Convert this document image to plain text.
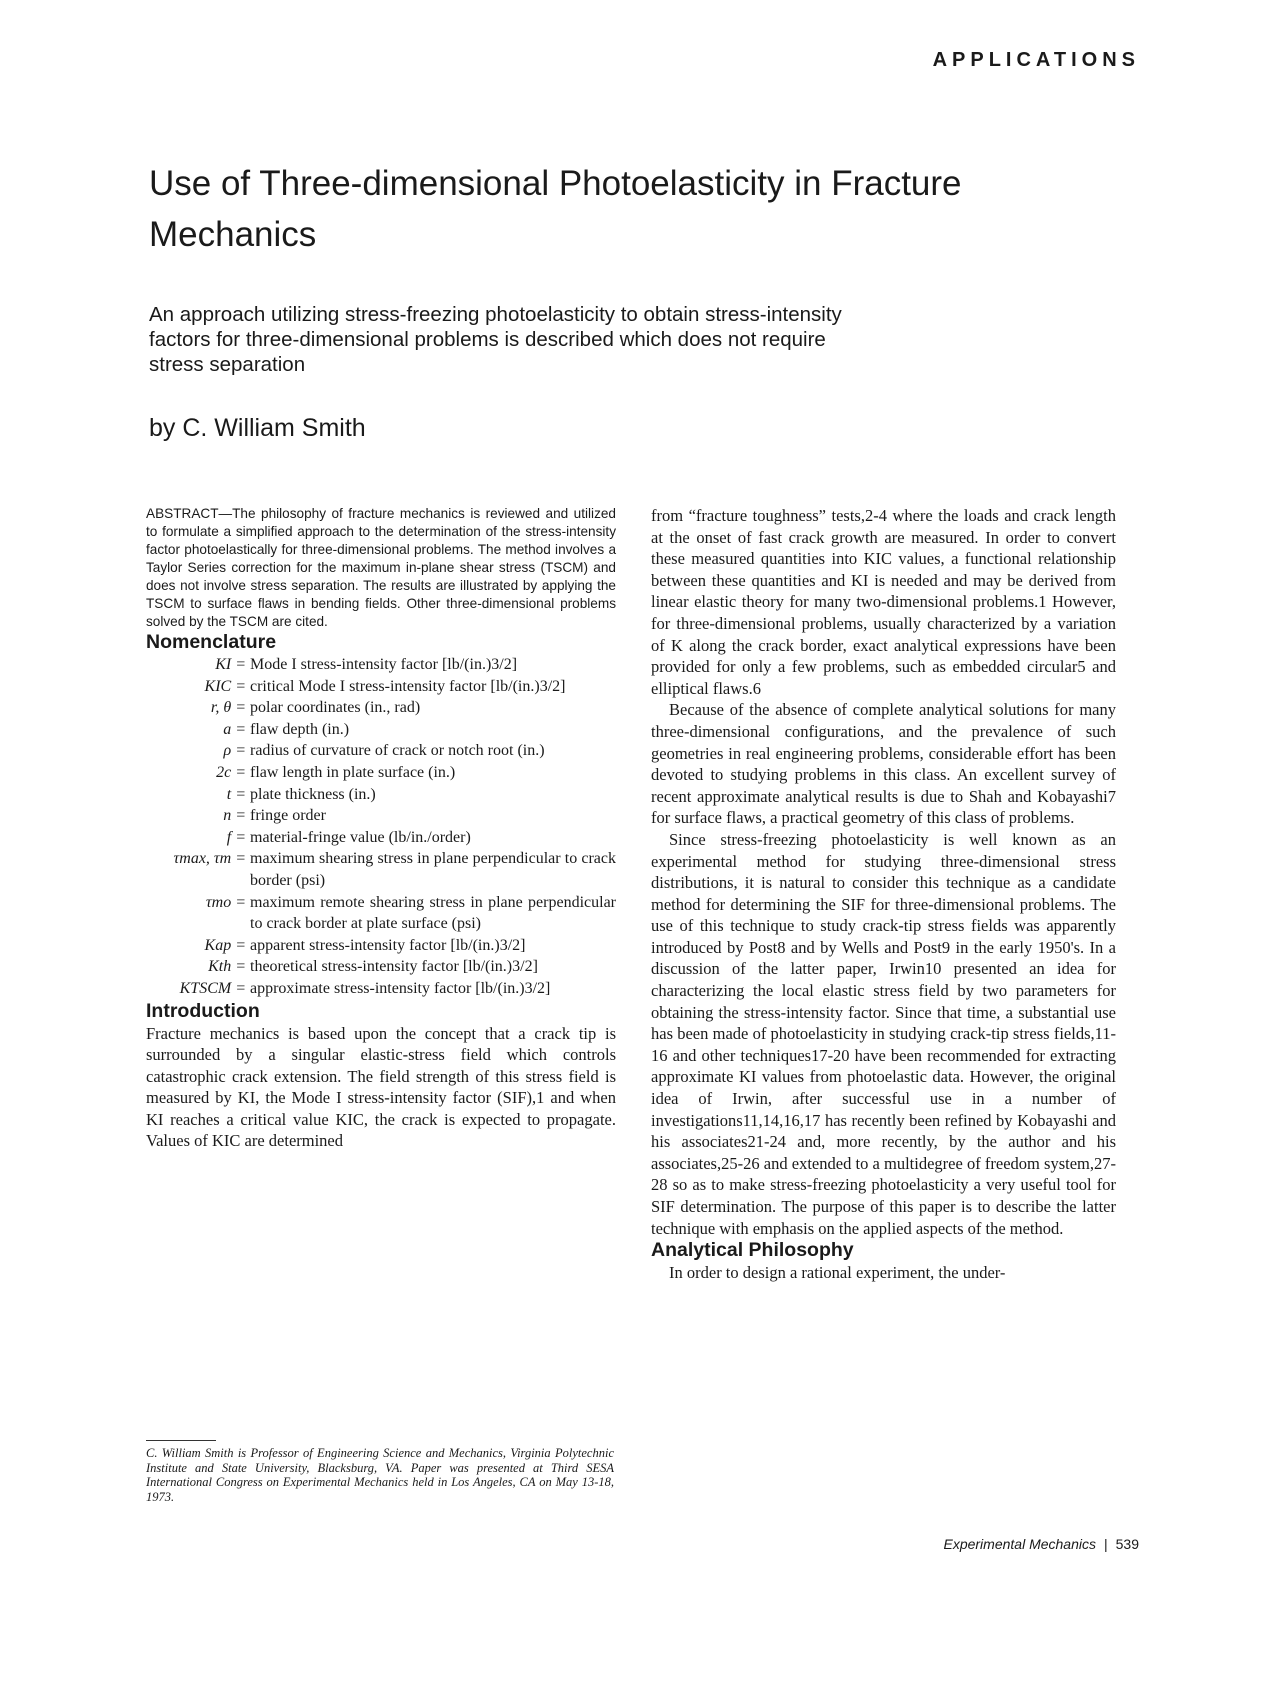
APPLICATIONS
Use of Three-dimensional Photoelasticity in Fracture Mechanics

An approach utilizing stress-freezing photoelasticity to obtain stress-intensity factors for three-dimensional problems is described which does not require stress separation

by C. William Smith

ABSTRACT—The philosophy of fracture mechanics is reviewed and utilized to formulate a simplified approach to the determination of the stress-intensity factor photoelastically for three-dimensional problems. The method involves a Taylor Series correction for the maximum in-plane shear stress (TSCM) and does not involve stress separation. The results are illustrated by applying the TSCM to surface flaws in bending fields. Other three-dimensional problems solved by the TSCM are cited.

Nomenclature
KI = Mode I stress-intensity factor [lb/(in.)3/2]
KIC = critical Mode I stress-intensity factor [lb/(in.)3/2]
r, θ = polar coordinates (in., rad)
a = flaw depth (in.)
ρ = radius of curvature of crack or notch root (in.)
2c = flaw length in plate surface (in.)
t = plate thickness (in.)
n = fringe order
f = material-fringe value (lb/in./order)
τmax, τm = maximum shearing stress in plane perpendicular to crack border (psi)
τmo = maximum remote shearing stress in plane perpendicular to crack border at plate surface (psi)
Kap = apparent stress-intensity factor [lb/(in.)3/2]
Kth = theoretical stress-intensity factor [lb/(in.)3/2]
KTSCM = approximate stress-intensity factor [lb/(in.)3/2]
Introduction

Fracture mechanics is based upon the concept that a crack tip is surrounded by a singular elastic-stress field which controls catastrophic crack extension. The field strength of this stress field is measured by KI, the Mode I stress-intensity factor (SIF),1 and when KI reaches a critical value KIC, the crack is expected to propagate. Values of KIC are determined

C. William Smith is Professor of Engineering Science and Mechanics, Virginia Polytechnic Institute and State University, Blacksburg, VA. Paper was presented at Third SESA International Congress on Experimental Mechanics held in Los Angeles, CA on May 13-18, 1973.

from “fracture toughness” tests,2-4 where the loads and crack length at the onset of fast crack growth are measured. In order to convert these measured quantities into KIC values, a functional relationship between these quantities and KI is needed and may be derived from linear elastic theory for many two-dimensional problems.1 However, for three-dimensional problems, usually characterized by a variation of K along the crack border, exact analytical expressions have been provided for only a few problems, such as embedded circular5 and elliptical flaws.6

Because of the absence of complete analytical solutions for many three-dimensional configurations, and the prevalence of such geometries in real engineering problems, considerable effort has been devoted to studying problems in this class. An excellent survey of recent approximate analytical results is due to Shah and Kobayashi7 for surface flaws, a practical geometry of this class of problems.

Since stress-freezing photoelasticity is well known as an experimental method for studying three-dimensional stress distributions, it is natural to consider this technique as a candidate method for determining the SIF for three-dimensional problems. The use of this technique to study crack-tip stress fields was apparently introduced by Post8 and by Wells and Post9 in the early 1950's. In a discussion of the latter paper, Irwin10 presented an idea for characterizing the local elastic stress field by two parameters for obtaining the stress-intensity factor. Since that time, a substantial use has been made of photoelasticity in studying crack-tip stress fields,11-16 and other techniques17-20 have been recommended for extracting approximate KI values from photoelastic data. However, the original idea of Irwin, after successful use in a number of investigations11,14,16,17 has recently been refined by Kobayashi and his associates21-24 and, more recently, by the author and his associates,25-26 and extended to a multidegree of freedom system,27-28 so as to make stress-freezing photoelasticity a very useful tool for SIF determination. The purpose of this paper is to describe the latter technique with emphasis on the applied aspects of the method.

Analytical Philosophy

In order to design a rational experiment, the under-

Experimental Mechanics | 539
